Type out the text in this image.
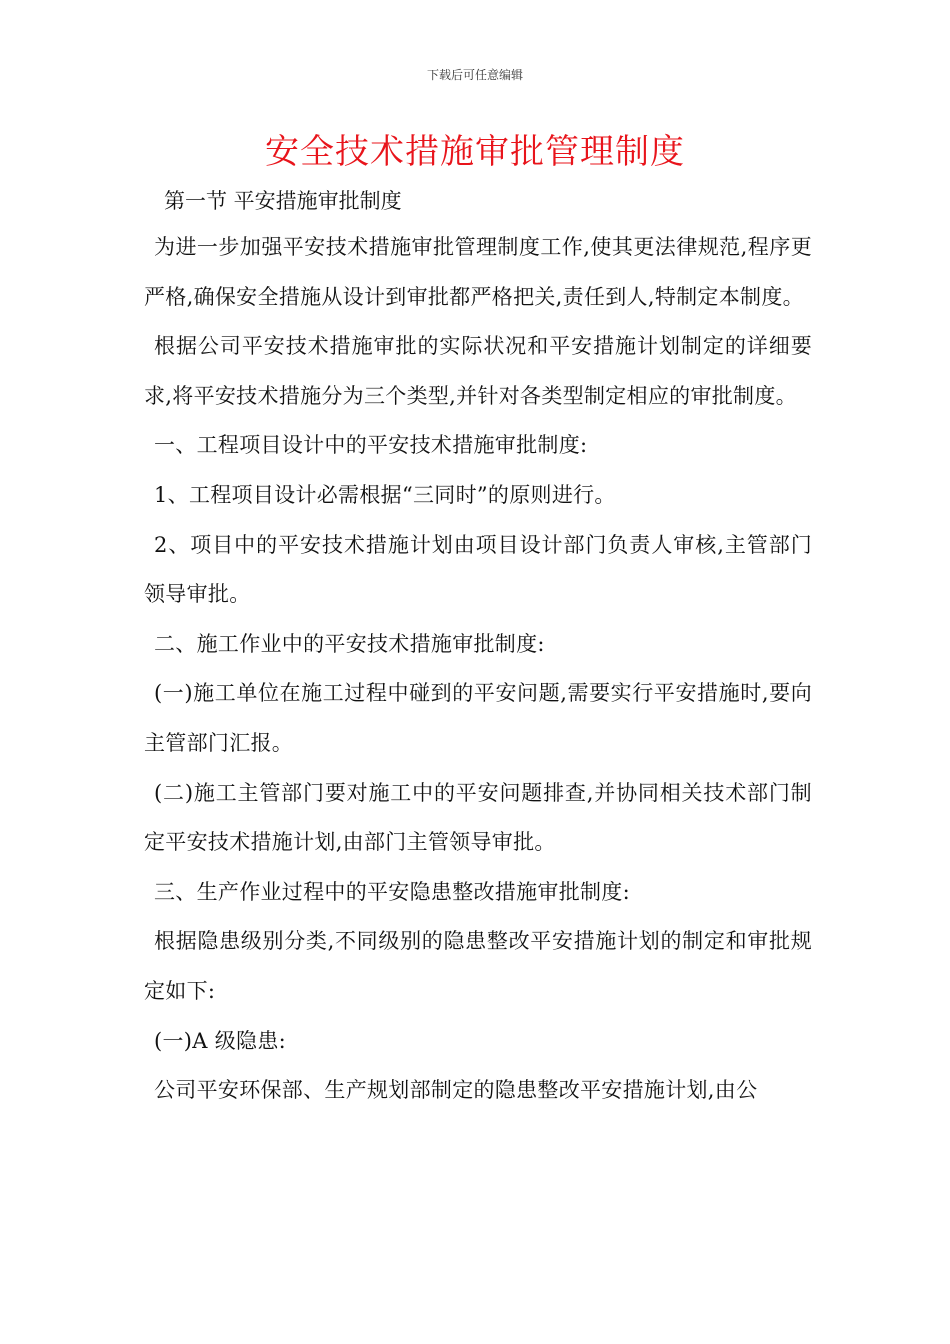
下载后可任意编辑
安全技术措施审批管理制度

第一节 平安措施审批制度

为进一步加强平安技术措施审批管理制度工作,使其更法律规范,程序更严格,确保安全措施从设计到审批都严格把关,责任到人,特制定本制度。

根据公司平安技术措施审批的实际状况和平安措施计划制定的详细要求,将平安技术措施分为三个类型,并针对各类型制定相应的审批制度。

一、工程项目设计中的平安技术措施审批制度:

1、工程项目设计必需根据“三同时”的原则进行。

2、项目中的平安技术措施计划由项目设计部门负责人审核,主管部门领导审批。

二、施工作业中的平安技术措施审批制度:

(一)施工单位在施工过程中碰到的平安问题,需要实行平安措施时,要向主管部门汇报。

(二)施工主管部门要对施工中的平安问题排查,并协同相关技术部门制定平安技术措施计划,由部门主管领导审批。

三、生产作业过程中的平安隐患整改措施审批制度:

根据隐患级别分类,不同级别的隐患整改平安措施计划的制定和审批规定如下:

(一)A 级隐患:

公司平安环保部、生产规划部制定的隐患整改平安措施计划,由公
